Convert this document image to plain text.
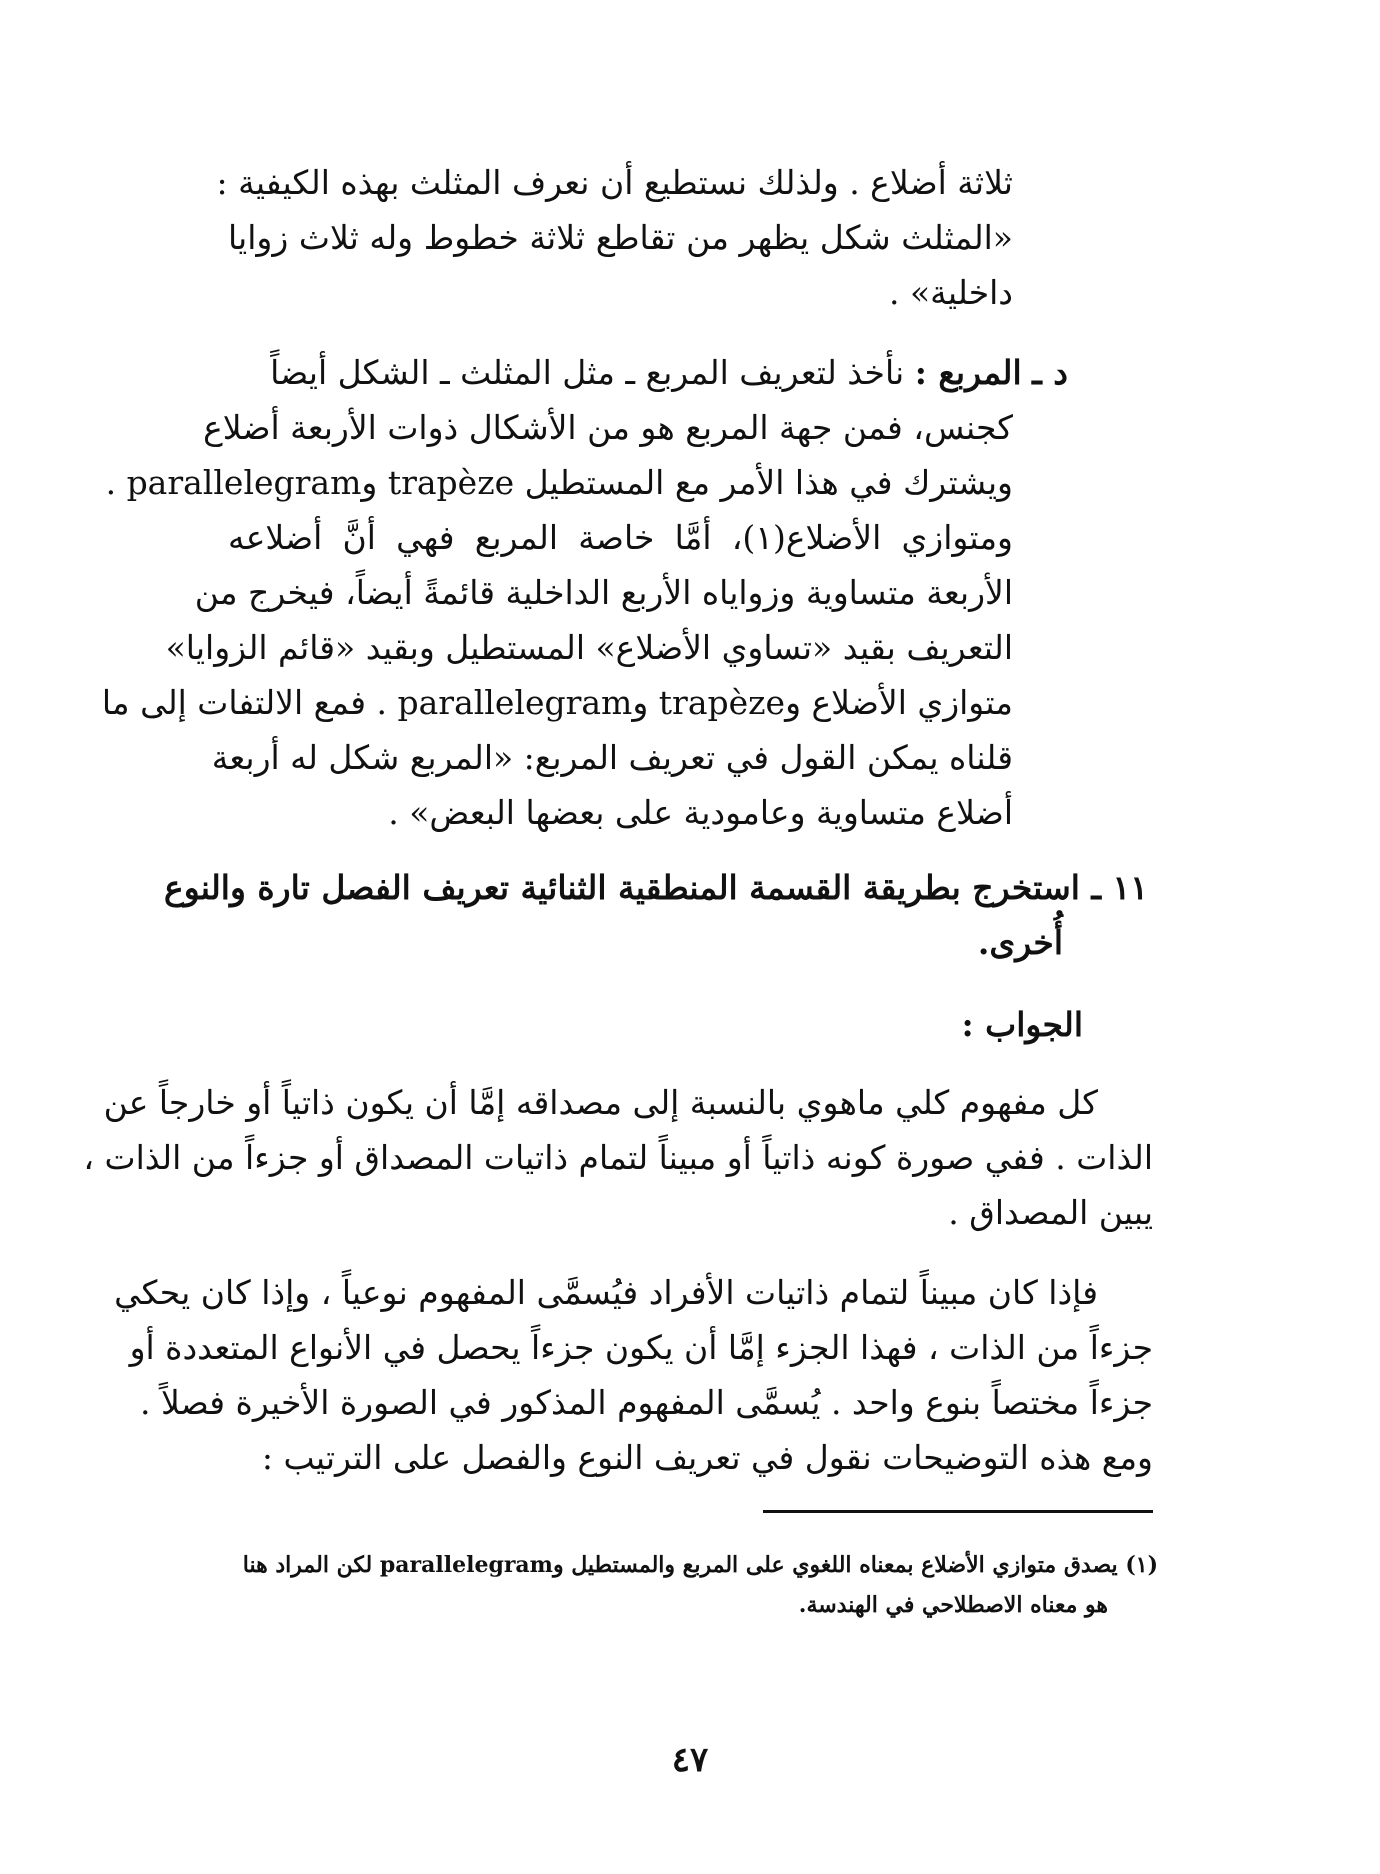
ثلاثة أضلاع . ولذلك نستطيع أن نعرف المثلث بهذه الكيفية :
«المثلث شكل يظهر من تقاطع ثلاثة خطوط وله ثلاث زوايا
داخلية» .
د ـ المربع : نأخذ لتعريف المربع ـ مثل المثلث ـ الشكل أيضاً
كجنس، فمن جهة المربع هو من الأشكال ذوات الأربعة أضلاع
ويشترك في هذا الأمر مع المستطيل trapèze وparallelegram .
ومتوازي الأضلاع(١)، أمَّا خاصة المربع فهي أنَّ أضلاعه
الأربعة متساوية وزواياه الأربع الداخلية قائمةً أيضاً، فيخرج من
التعريف بقيد «تساوي الأضلاع» المستطيل وبقيد «قائم الزوايا»
متوازي الأضلاع وtrapèze وparallelegram . فمع الالتفات إلى ما
قلناه يمكن القول في تعريف المربع: «المربع شكل له أربعة
أضلاع متساوية وعامودية على بعضها البعض» .
١١ ـ استخرج بطريقة القسمة المنطقية الثنائية تعريف الفصل تارة والنوع
أُخرى.
الجواب :
كل مفهوم كلي ماهوي بالنسبة إلى مصداقه إمَّا أن يكون ذاتياً أو خارجاً عن
الذات . ففي صورة كونه ذاتياً أو مبيناً لتمام ذاتيات المصداق أو جزءاً من الذات ،
يبين المصداق .
فإذا كان مبيناً لتمام ذاتيات الأفراد فيُسمَّى المفهوم نوعياً ، وإذا كان يحكي
جزءاً من الذات ، فهذا الجزء إمَّا أن يكون جزءاً يحصل في الأنواع المتعددة أو
جزءاً مختصاً بنوع واحد . يُسمَّى المفهوم المذكور في الصورة الأخيرة فصلاً .
ومع هذه التوضيحات نقول في تعريف النوع والفصل على الترتيب :
(١) يصدق متوازي الأضلاع بمعناه اللغوي على المربع والمستطيل وparallelegram لكن المراد هنا
هو معناه الاصطلاحي في الهندسة.
٤٧
